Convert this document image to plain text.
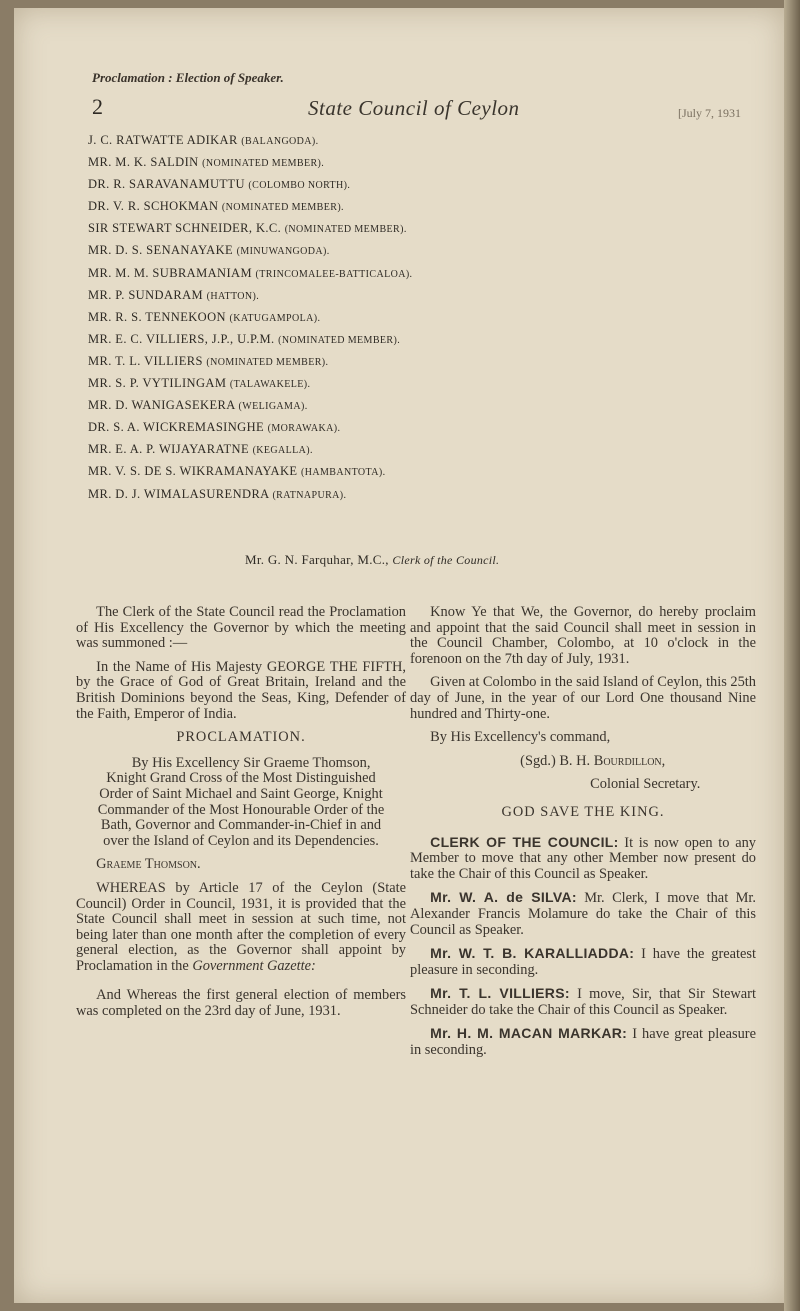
Proclamation : Election of Speaker.
2	State Council of Ceylon	[July 7, 1931
J. C. RATWATTE ADIKAR (BALANGODA).
MR. M. K. SALDIN (NOMINATED MEMBER).
DR. R. SARAVANAMUTTU (COLOMBO NORTH).
DR. V. R. SCHOKMAN (NOMINATED MEMBER).
SIR STEWART SCHNEIDER, K.C. (NOMINATED MEMBER).
MR. D. S. SENANAYAKE (MINUWANGODA).
MR. M. M. SUBRAMANIAM (TRINCOMALEE-BATTICALOA).
MR. P. SUNDARAM (HATTON).
MR. R. S. TENNEKOON (KATUGAMPOLA).
MR. E. C. VILLIERS, J.P., U.P.M. (NOMINATED MEMBER).
MR. T. L. VILLIERS (NOMINATED MEMBER).
MR. S. P. VYTILINGAM (TALAWAKELE).
MR. D. WANIGASEKERA (WELIGAMA).
DR. S. A. WICKREMASINGHE (MORAWAKA).
MR. E. A. P. WIJAYARATNE (KEGALLA).
MR. V. S. DE S. WIKRAMANAYAKE (HAMBANTOTA).
MR. D. J. WIMALASURENDRA (RATNAPURA).
Mr. G. N. Farquhar, M.C., Clerk of the Council.

The Clerk of the State Council read the Proclamation of His Excellency the Governor by which the meeting was summoned :—

In the Name of His Majesty GEORGE THE FIFTH, by the Grace of God of Great Britain, Ireland and the British Dominions beyond the Seas, King, Defender of the Faith, Emperor of India.

PROCLAMATION.

By His Excellency Sir Graeme Thomson, Knight Grand Cross of the Most Distinguished Order of Saint Michael and Saint George, Knight Commander of the Most Honourable Order of the Bath, Governor and Commander-in-Chief in and over the Island of Ceylon and its Dependencies.

Graeme Thomson.

WHEREAS by Article 17 of the Ceylon (State Council) Order in Council, 1931, it is provided that the State Council shall meet in session at such time, not being later than one month after the completion of every general election, as the Governor shall appoint by Proclamation in the Government Gazette:

And Whereas the first general election of members was completed on the 23rd day of June, 1931.

Know Ye that We, the Governor, do hereby proclaim and appoint that the said Council shall meet in session in the Council Chamber, Colombo, at 10 o'clock in the forenoon on the 7th day of July, 1931.

Given at Colombo in the said Island of Ceylon, this 25th day of June, in the year of our Lord One thousand Nine hundred and Thirty-one.

By His Excellency's command,

(Sgd.) B. H. Bourdillon,

Colonial Secretary.

GOD SAVE THE KING.

CLERK OF THE COUNCIL: It is now open to any Member to move that any other Member now present do take the Chair of this Council as Speaker.

Mr. W. A. de SILVA: Mr. Clerk, I move that Mr. Alexander Francis Molamure do take the Chair of this Council as Speaker.

Mr. W. T. B. KARALLIADDA: I have the greatest pleasure in seconding.

Mr. T. L. VILLIERS: I move, Sir, that Sir Stewart Schneider do take the Chair of this Council as Speaker.

Mr. H. M. MACAN MARKAR: I have great pleasure in seconding.
